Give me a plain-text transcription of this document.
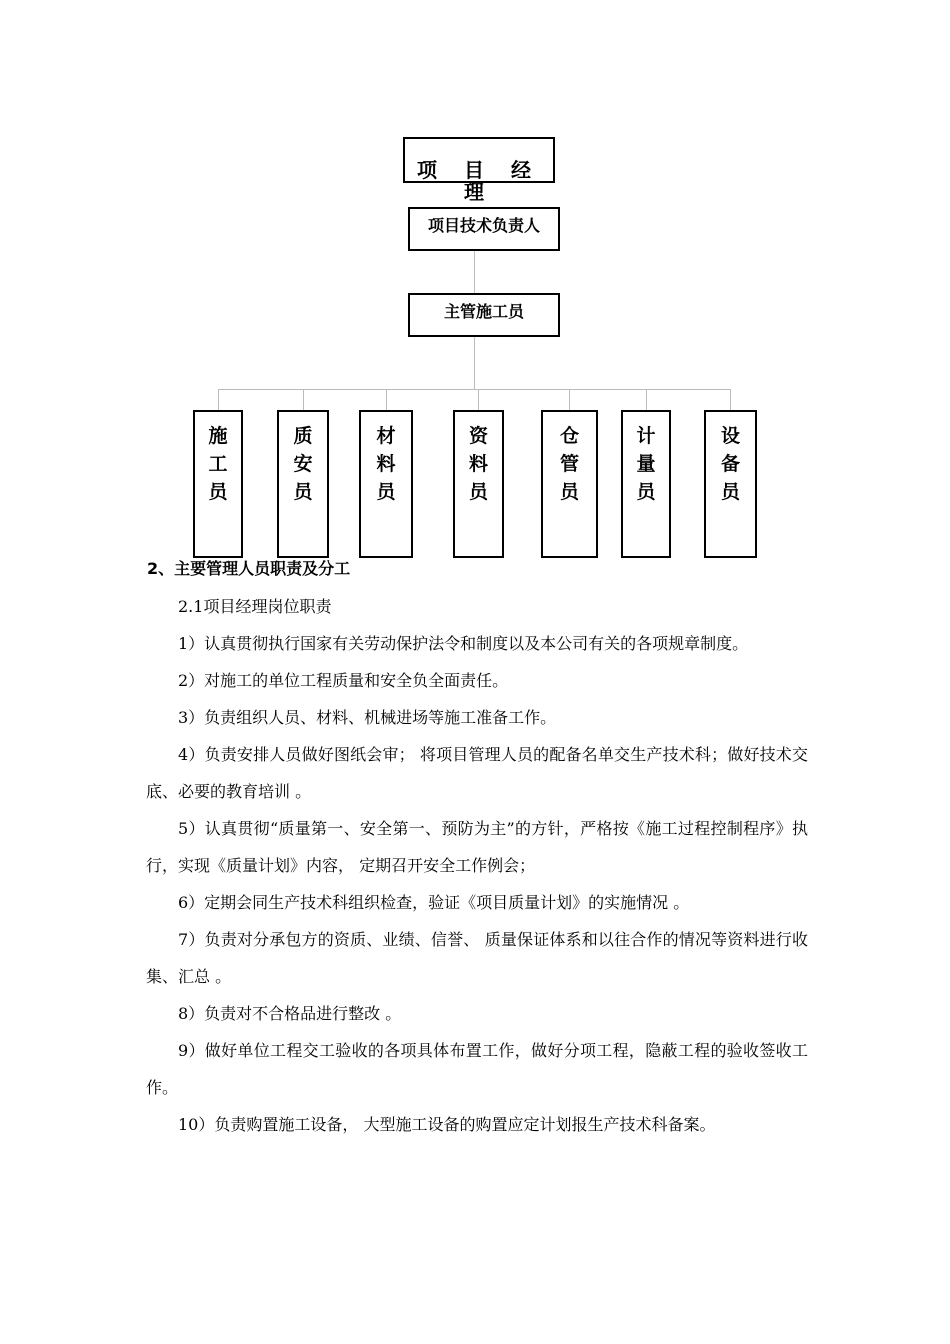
项 目 经 理
项目技术负责人
主管施工员
施工员
质安员
材料员
资料员
仓管员
计量员
设备员
2、主要管理人员职责及分工

2.1项目经理岗位职责

1）认真贯彻执行国家有关劳动保护法令和制度以及本公司有关的各项规章制度。

2）对施工的单位工程质量和安全负全面责任。

3）负责组织人员、材料、机械进场等施工准备工作。

4）负责安排人员做好图纸会审； 将项目管理人员的配备名单交生产技术科；做好技术交底、必要的教育培训 。

5）认真贯彻“质量第一、安全第一、预防为主”的方针，严格按《施工过程控制程序》执行，实现《质量计划》内容， 定期召开安全工作例会；

6）定期会同生产技术科组织检查，验证《项目质量计划》的实施情况 。

7）负责对分承包方的资质、业绩、信誉、 质量保证体系和以往合作的情况等资料进行收集、汇总 。

8）负责对不合格品进行整改 。

9）做好单位工程交工验收的各项具体布置工作，做好分项工程，隐蔽工程的验收签收工作。

10）负责购置施工设备， 大型施工设备的购置应定计划报生产技术科备案。
